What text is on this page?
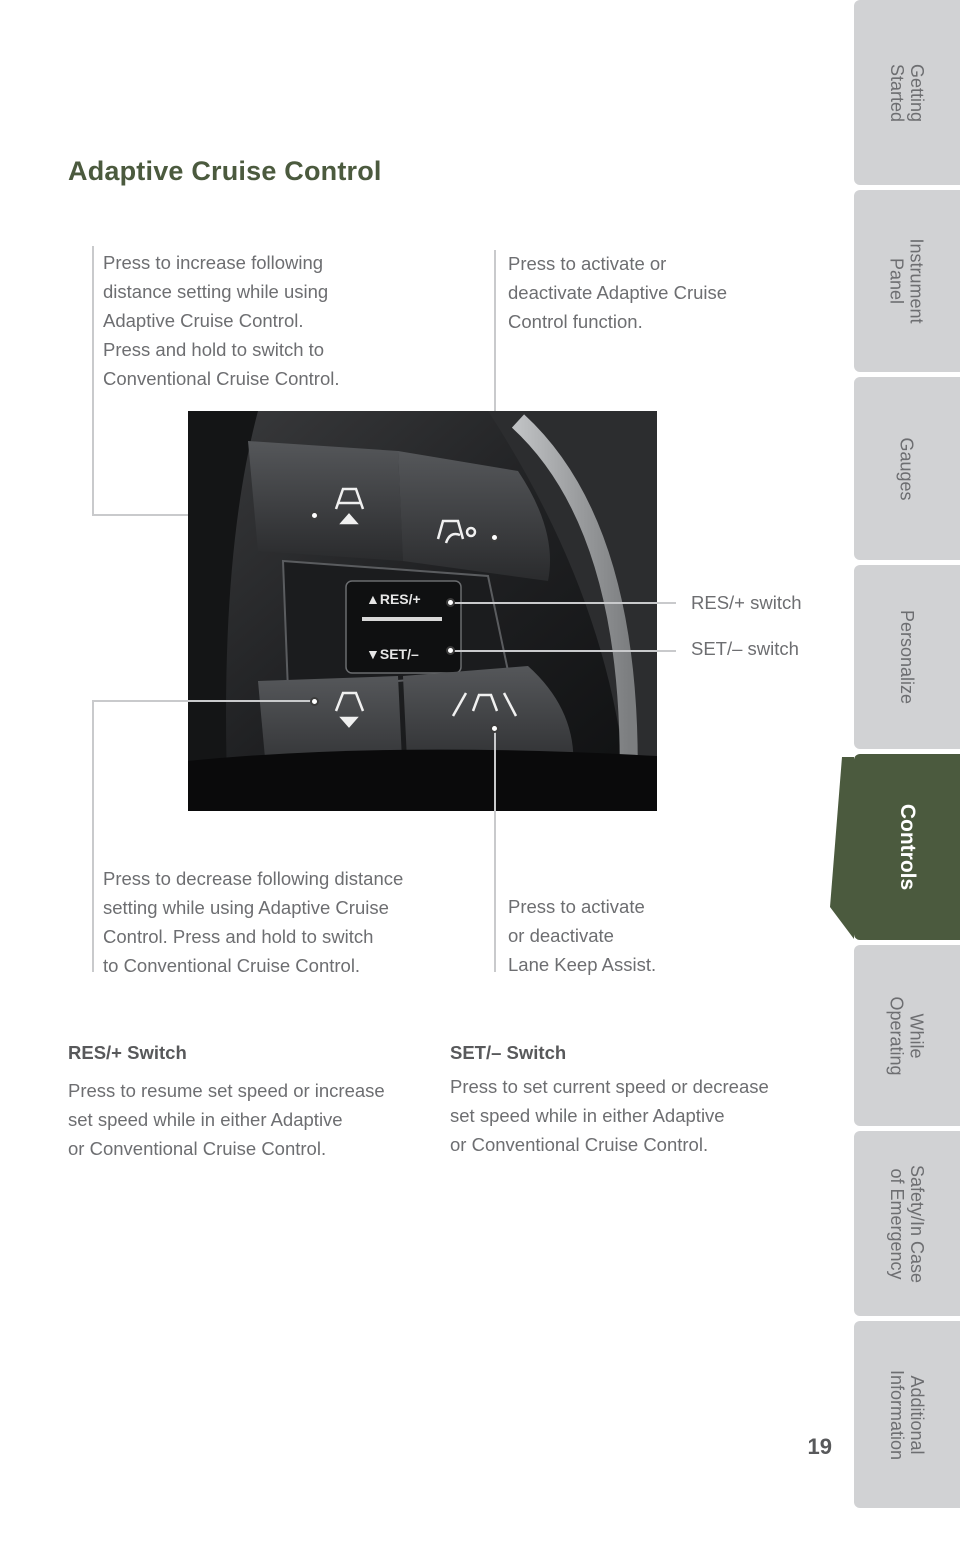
Adaptive Cruise Control
Press to increase following
distance setting while using
Adaptive Cruise Control.
Press and hold to switch to
Conventional Cruise Control.
Press to activate or
deactivate Adaptive Cruise
Control function.
▲RES/+
▼SET/–
RES/+ switch
SET/– switch
Press to decrease following distance
setting while using Adaptive Cruise
Control. Press and hold to switch
to Conventional Cruise Control.
Press to activate
or deactivate
Lane Keep Assist.
RES/+ Switch
Press to resume set speed or increase
set speed while in either Adaptive
or Conventional Cruise Control.
SET/– Switch
Press to set current speed or decrease
set speed while in either Adaptive
or Conventional Cruise Control.
19
Getting
Started
Instrument
Panel
Gauges
Personalize
Controls
While
Operating
Safety/In Case
of Emergency
Additional
Information
